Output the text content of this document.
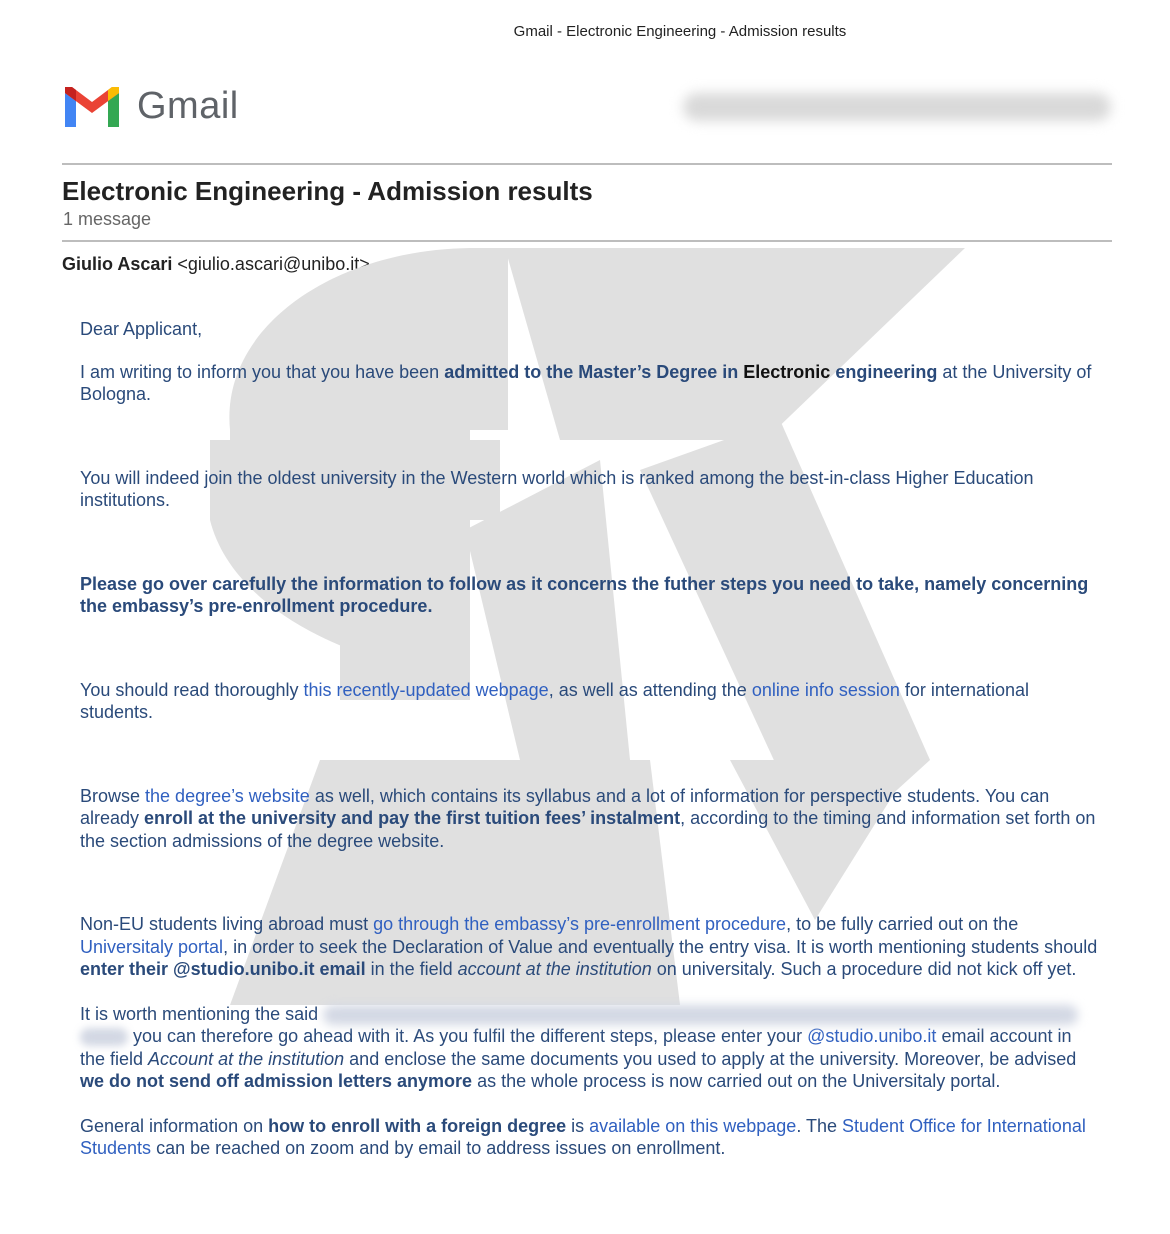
Gmail - Electronic Engineering - Admission results
Gmail
Electronic Engineering - Admission results
1 message
Giulio Ascari <giulio.ascari@unibo.it>

Dear Applicant,

I am writing to inform you that you have been admitted to the Master’s Degree in Electronic engineering at the University of Bologna.

You will indeed join the oldest university in the Western world which is ranked among the best-in-class Higher Education institutions.

Please go over carefully the information to follow as it concerns the futher steps you need to take, namely concerning the embassy’s pre-enrollment procedure.

You should read thoroughly this recently-updated webpage, as well as attending the online info session for international students.

Browse the degree’s website as well, which contains its syllabus and a lot of information for perspective students. You can already enroll at the university and pay the first tuition fees’ instalment, according to the timing and information set forth on the section admissions of the degree website.

Non-EU students living abroad must go through the embassy’s pre-enrollment procedure, to be fully carried out on the Universitaly portal, in order to seek the Declaration of Value and eventually the entry visa. It is worth mentioning students should enter their @studio.unibo.it email in the field account at the institution on universitaly. Such a procedure did not kick off yet.

It is worth mentioning the said
you can therefore go ahead with it. As you fulfil the different steps, please enter your @studio.unibo.it email account in the field Account at the institution and enclose the same documents you used to apply at the university. Moreover, be advised we do not send off admission letters anymore as the whole process is now carried out on the Universitaly portal.

General information on how to enroll with a foreign degree is available on this webpage. The Student Office for International Students can be reached on zoom and by email to address issues on enrollment.
